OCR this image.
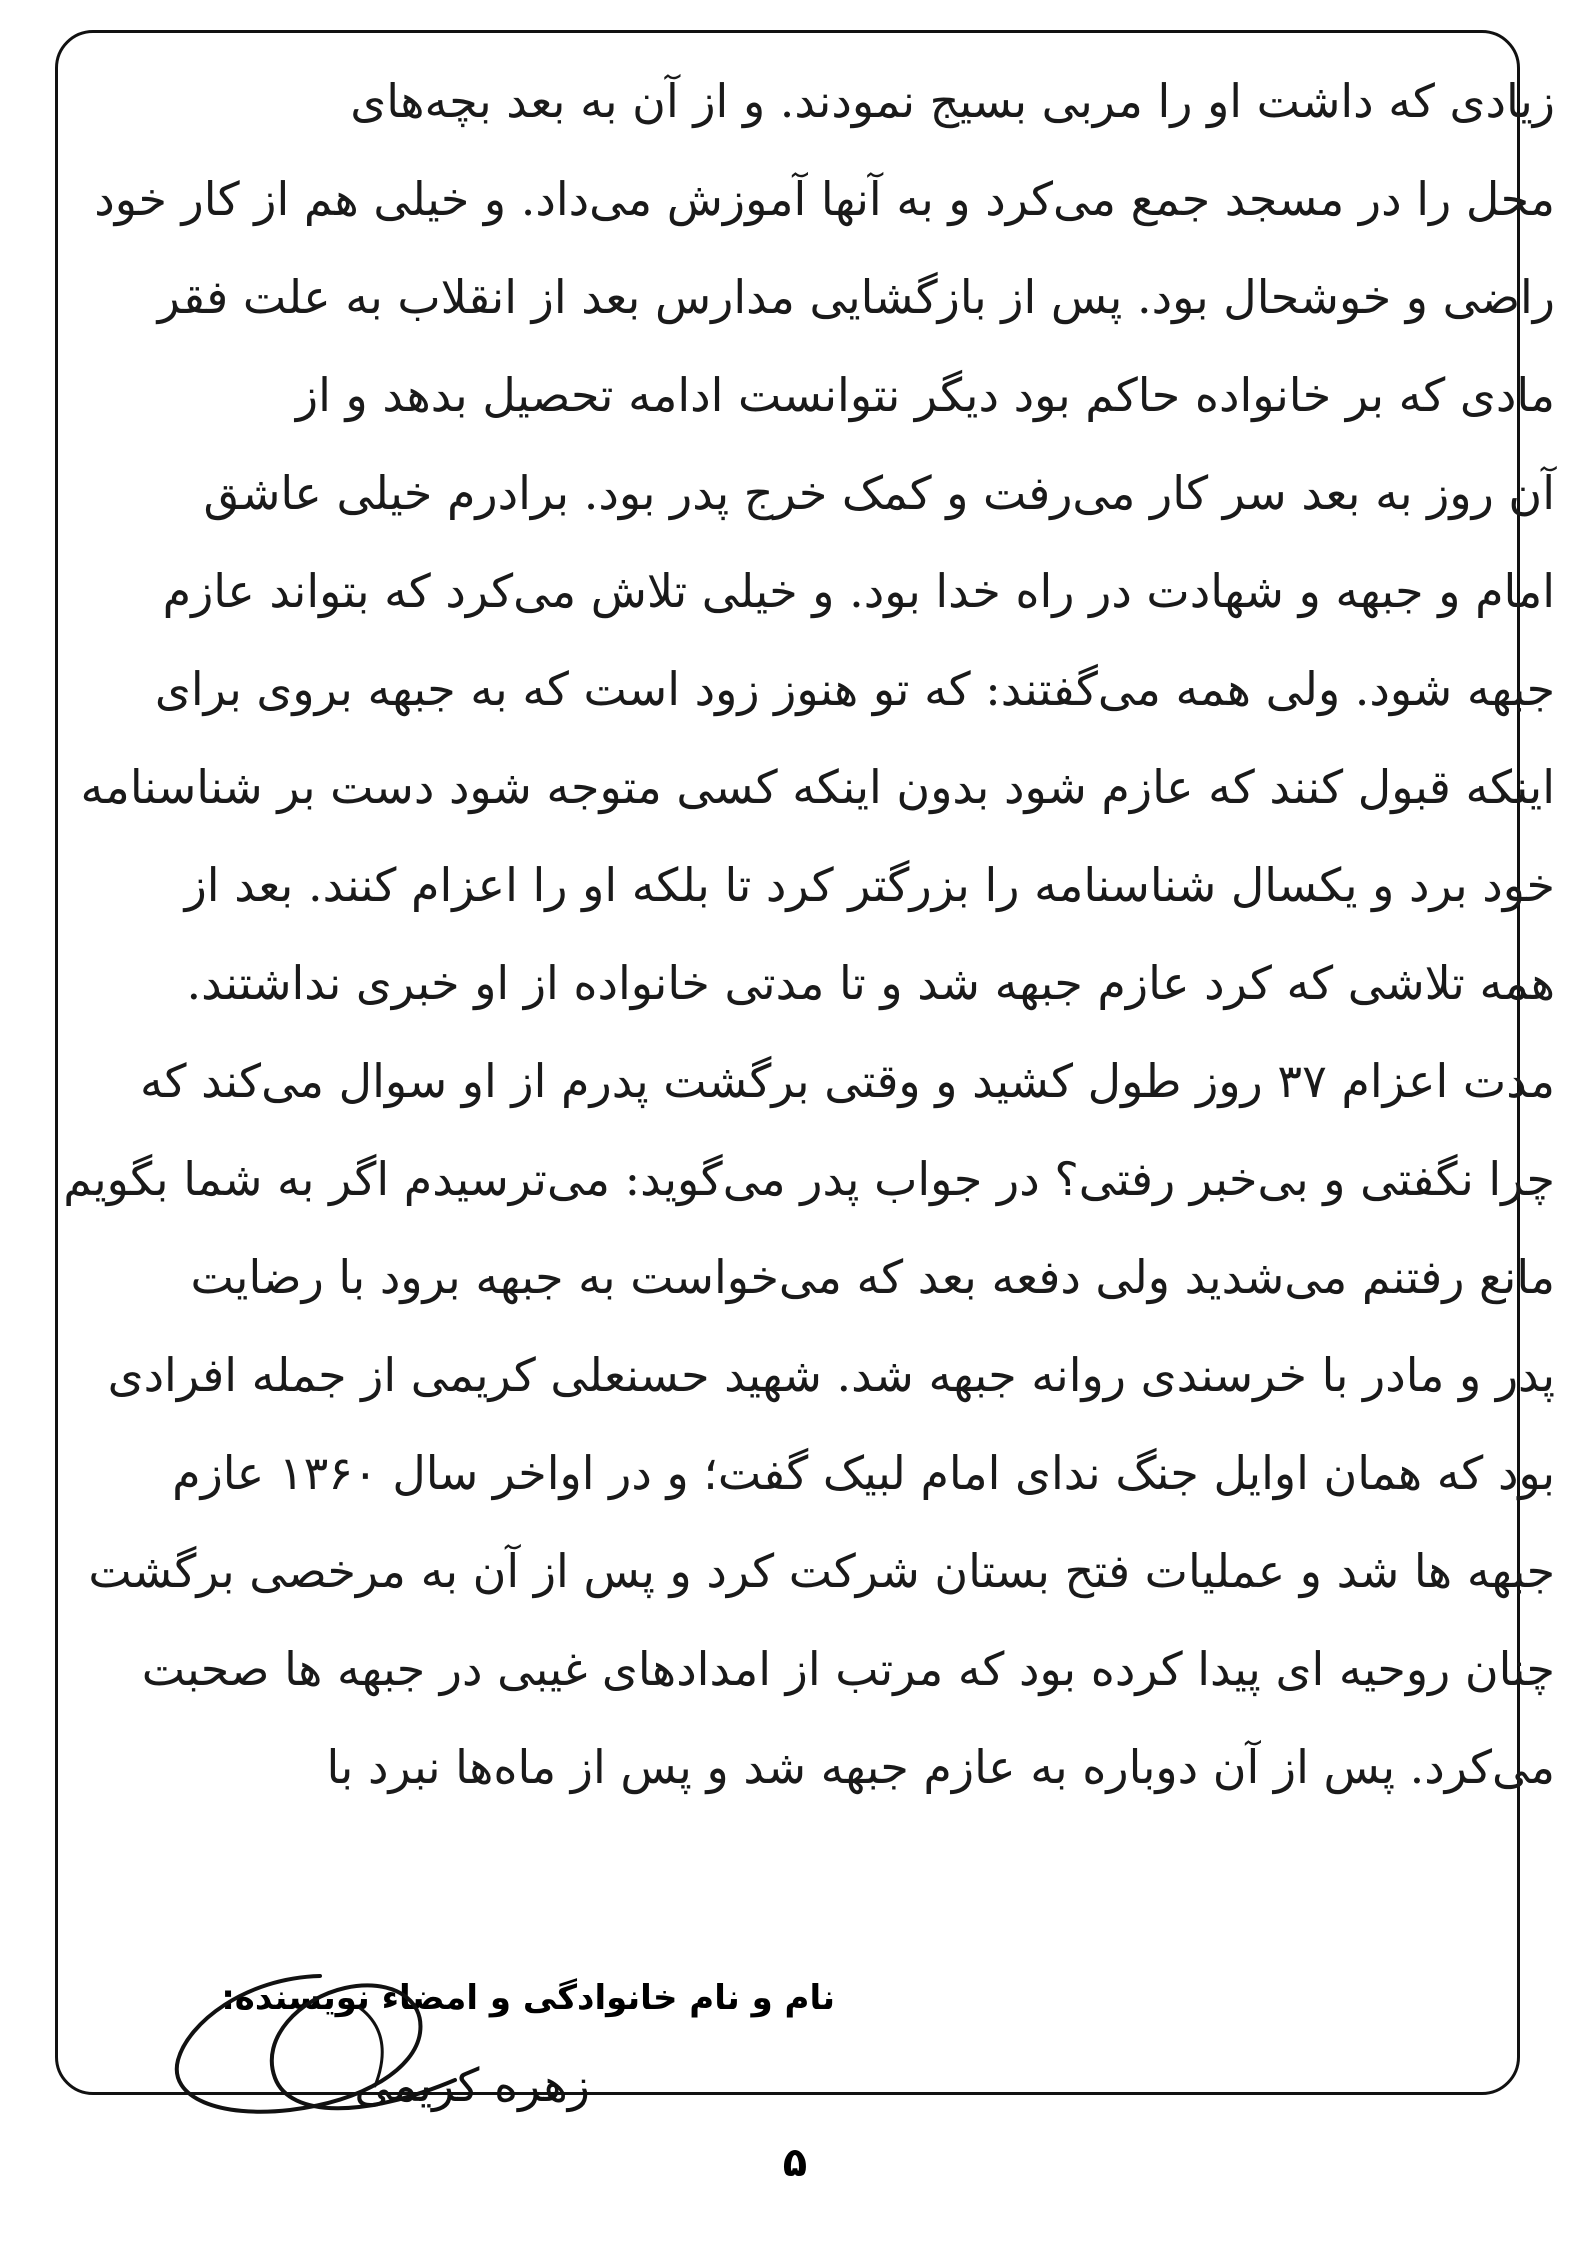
زیادی که داشت او را مربی بسیج نمودند. و از آن به بعد بچه‌های
محل را در مسجد جمع می‌کرد و به آنها آموزش می‌داد. و خیلی هم از کار خود
راضی و خوشحال بود. پس از بازگشایی مدارس بعد از انقلاب به علت فقر
مادی که بر خانواده حاکم بود دیگر نتوانست ادامه تحصیل بدهد و از
آن روز به بعد سر کار می‌رفت و کمک خرج پدر بود. برادرم خیلی عاشق
امام و جبهه و شهادت در راه خدا بود. و خیلی تلاش می‌کرد که بتواند عازم
جبهه شود. ولی همه می‌گفتند: که تو هنوز زود است که به جبهه بروی برای
اینکه قبول کنند که عازم شود بدون اینکه کسی متوجه شود دست بر شناسنامه
خود برد و یکسال شناسنامه را بزرگتر کرد تا بلکه او را اعزام کنند. بعد از
همه تلاشی که کرد عازم جبهه شد و تا مدتی خانواده از او خبری نداشتند.
مدت اعزام ۳۷ روز طول کشید و وقتی برگشت پدرم از او سوال می‌کند که
چرا نگفتی و بی‌خبر رفتی؟ در جواب پدر می‌گوید: می‌ترسیدم اگر به شما بگویم
مانع رفتنم می‌شدید ولی دفعه بعد که می‌خواست به جبهه برود با رضایت
پدر و مادر با خرسندی روانه جبهه شد. شهید حسنعلی کریمی از جمله افرادی
بود که همان اوایل جنگ ندای امام لبیک گفت؛ و در اواخر سال ۱۳۶۰ عازم
جبهه ها شد و عملیات فتح بستان شرکت کرد و پس از آن به مرخصی برگشت
چنان روحیه ای پیدا کرده بود که مرتب از امدادهای غیبی در جبهه ها صحبت
می‌کرد. پس از آن دوباره به عازم جبهه شد و پس از ماه‌ها نبرد با
نام و نام خانوادگی و امضاء نویسنده:
زهره کریمی
۵
